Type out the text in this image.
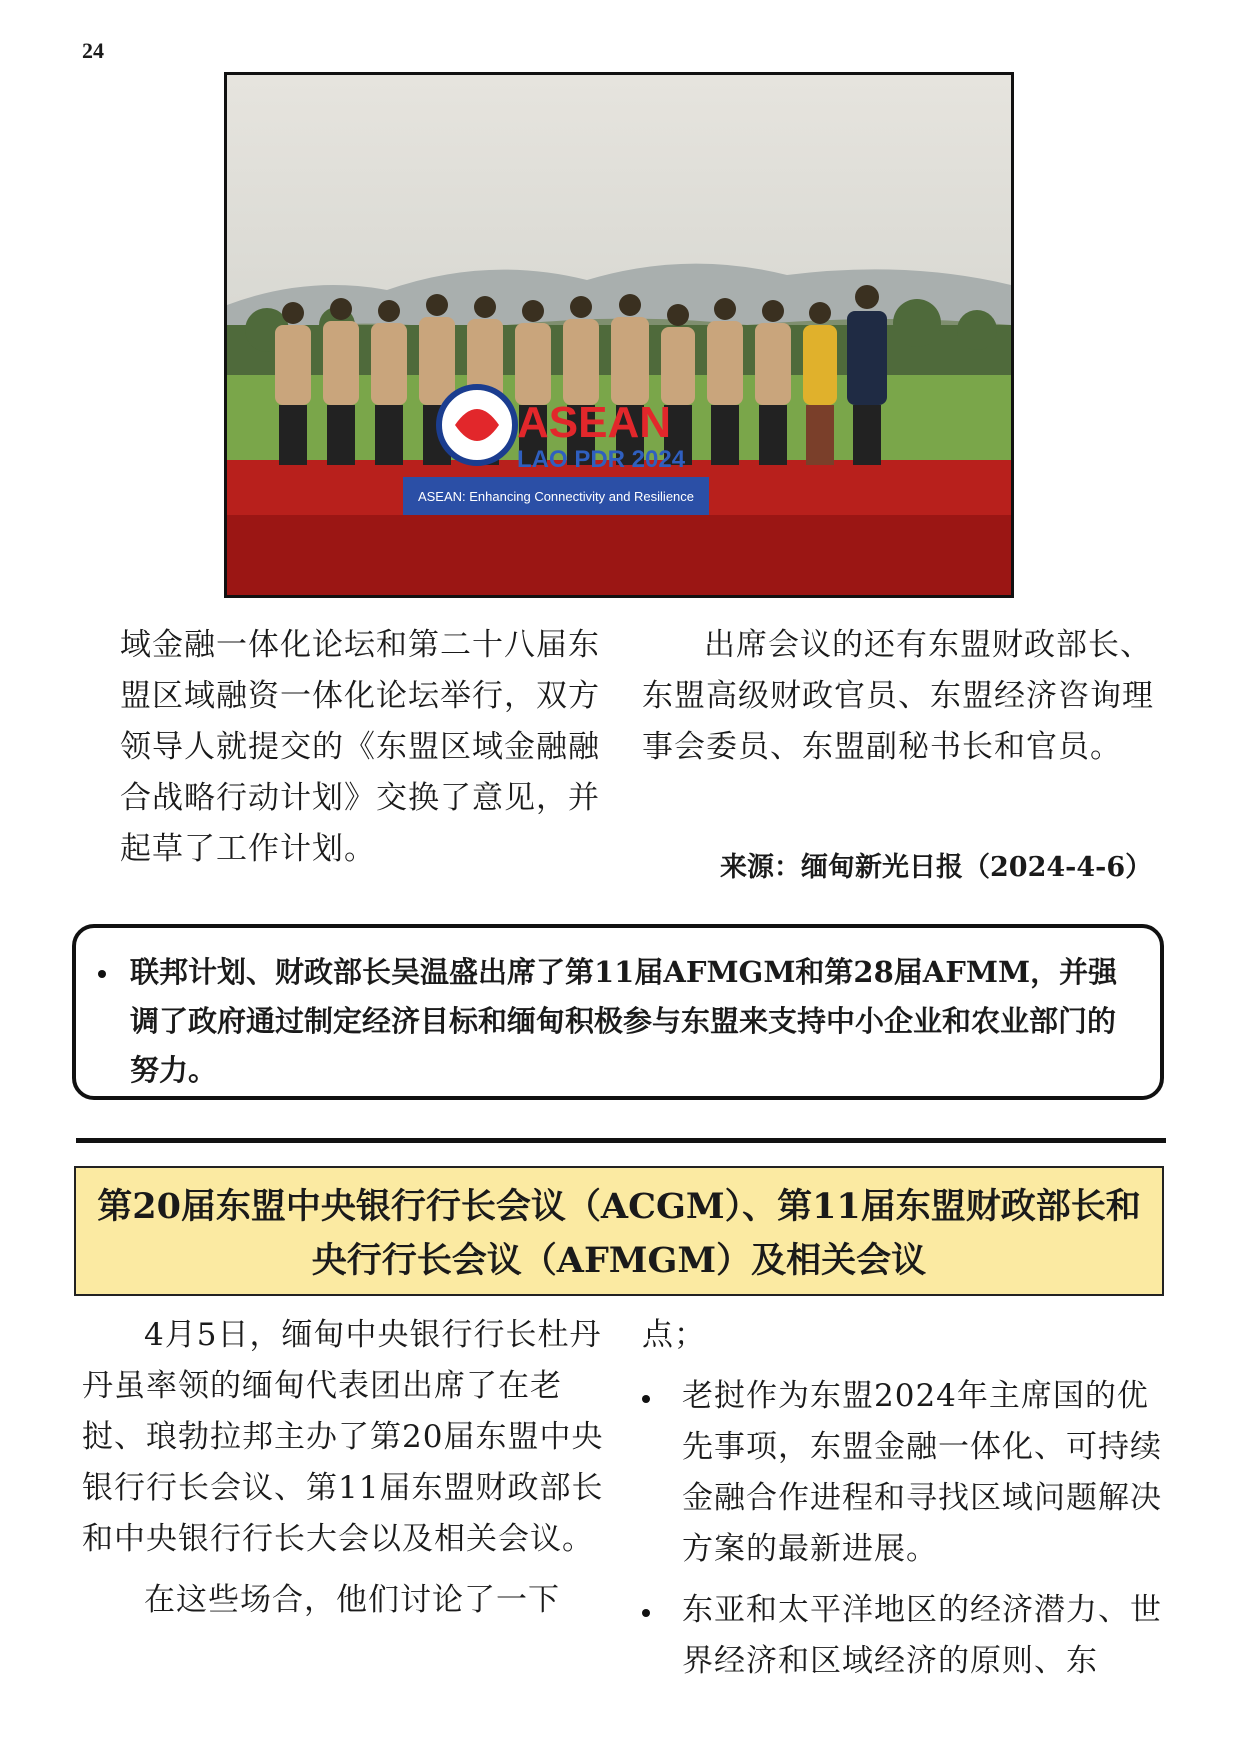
24
ASEAN
LAO PDR 2024
ASEAN: Enhancing Connectivity and Resilience

域金融一体化论坛和第二十八届东盟区域融资一体化论坛举行，双方领导人就提交的《东盟区域金融融合战略行动计划》交换了意见，并起草了工作计划。

出席会议的还有东盟财政部长、东盟高级财政官员、东盟经济咨询理事会委员、东盟副秘书长和官员。

来源：缅甸新光日报（2024-4-6）
联邦计划、财政部长吴温盛出席了第11届AFMGM和第28届AFMM，并强调了政府通过制定经济目标和缅甸积极参与东盟来支持中小企业和农业部门的努力。
第20届东盟中央银行行长会议（ACGM）、第11届东盟财政部长和
央行行长会议（AFMGM）及相关会议

4月5日，缅甸中央银行行长杜丹丹虽率领的缅甸代表团出席了在老挝、琅勃拉邦主办了第20届东盟中央银行行长会议、第11届东盟财政部长和中央银行行长大会以及相关会议。

在这些场合，他们讨论了一下

点；

老挝作为东盟2024年主席国的优先事项，东盟金融一体化、可持续金融合作进程和寻找区域问题解决方案的最新进展。
东亚和太平洋地区的经济潜力、世界经济和区域经济的原则、东
